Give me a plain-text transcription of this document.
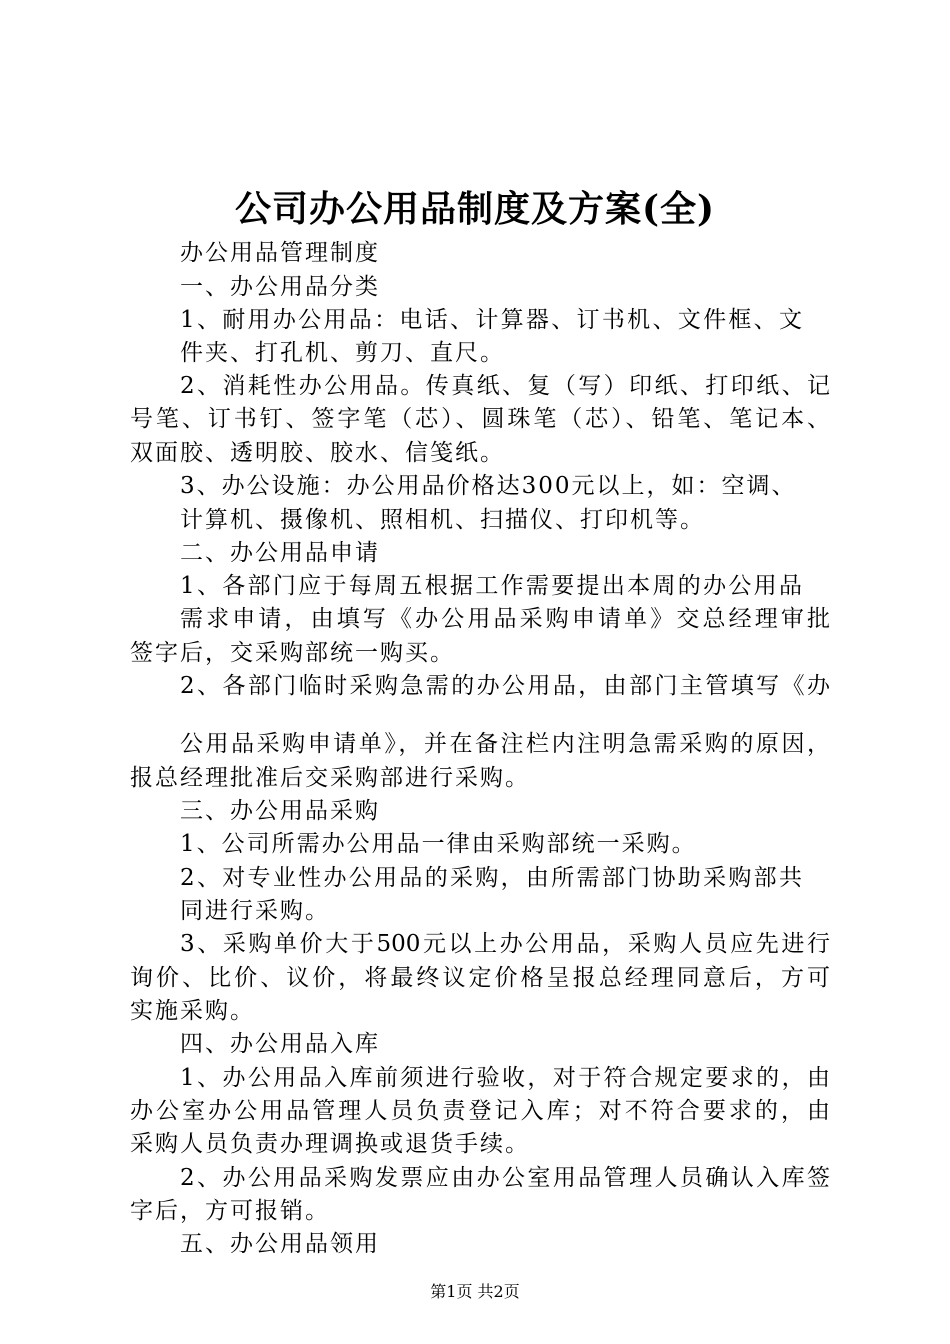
公司办公用品制度及方案(全)
办公用品管理制度
一、办公用品分类
1、耐用办公用品：电话、计算器、订书机、文件框、文
件夹、打孔机、剪刀、直尺。
2、消耗性办公用品。传真纸、复（写）印纸、打印纸、记
号笔、订书钉、签字笔（芯）、圆珠笔（芯）、铅笔、笔记本、
双面胶、透明胶、胶水、信笺纸。
3、办公设施：办公用品价格达300元以上，如：空调、
计算机、摄像机、照相机、扫描仪、打印机等。
二、办公用品申请
1、各部门应于每周五根据工作需要提出本周的办公用品
需求申请，由填写《办公用品采购申请单》交总经理审批
签字后，交采购部统一购买。
2、各部门临时采购急需的办公用品，由部门主管填写《办
公用品采购申请单》，并在备注栏内注明急需采购的原因，
报总经理批准后交采购部进行采购。
三、办公用品采购
1、公司所需办公用品一律由采购部统一采购。
2、对专业性办公用品的采购，由所需部门协助采购部共
同进行采购。
3、采购单价大于500元以上办公用品，采购人员应先进行
询价、比价、议价，将最终议定价格呈报总经理同意后，方可
实施采购。
四、办公用品入库
1、办公用品入库前须进行验收，对于符合规定要求的，由
办公室办公用品管理人员负责登记入库；对不符合要求的，由
采购人员负责办理调换或退货手续。
2、办公用品采购发票应由办公室用品管理人员确认入库签
字后，方可报销。
五、办公用品领用
第1页 共2页
